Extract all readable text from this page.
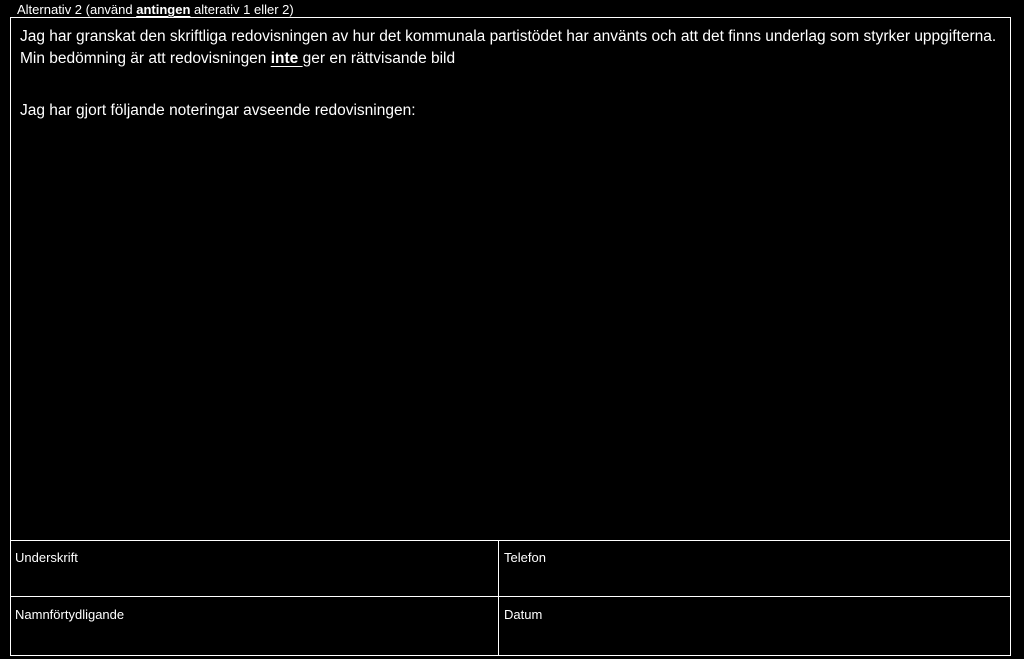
Alternativ 2 (använd antingen alterativ 1 eller 2)
Jag har granskat den skriftliga redovisningen av hur det kommunala partistödet har använts och att det finns underlag som styrker uppgifterna. Min bedömning är att redovisningen inte ger en rättvisande bild
Jag har gjort följande noteringar avseende redovisningen:
Underskrift	Telefon
Namnförtydligande	Datum
